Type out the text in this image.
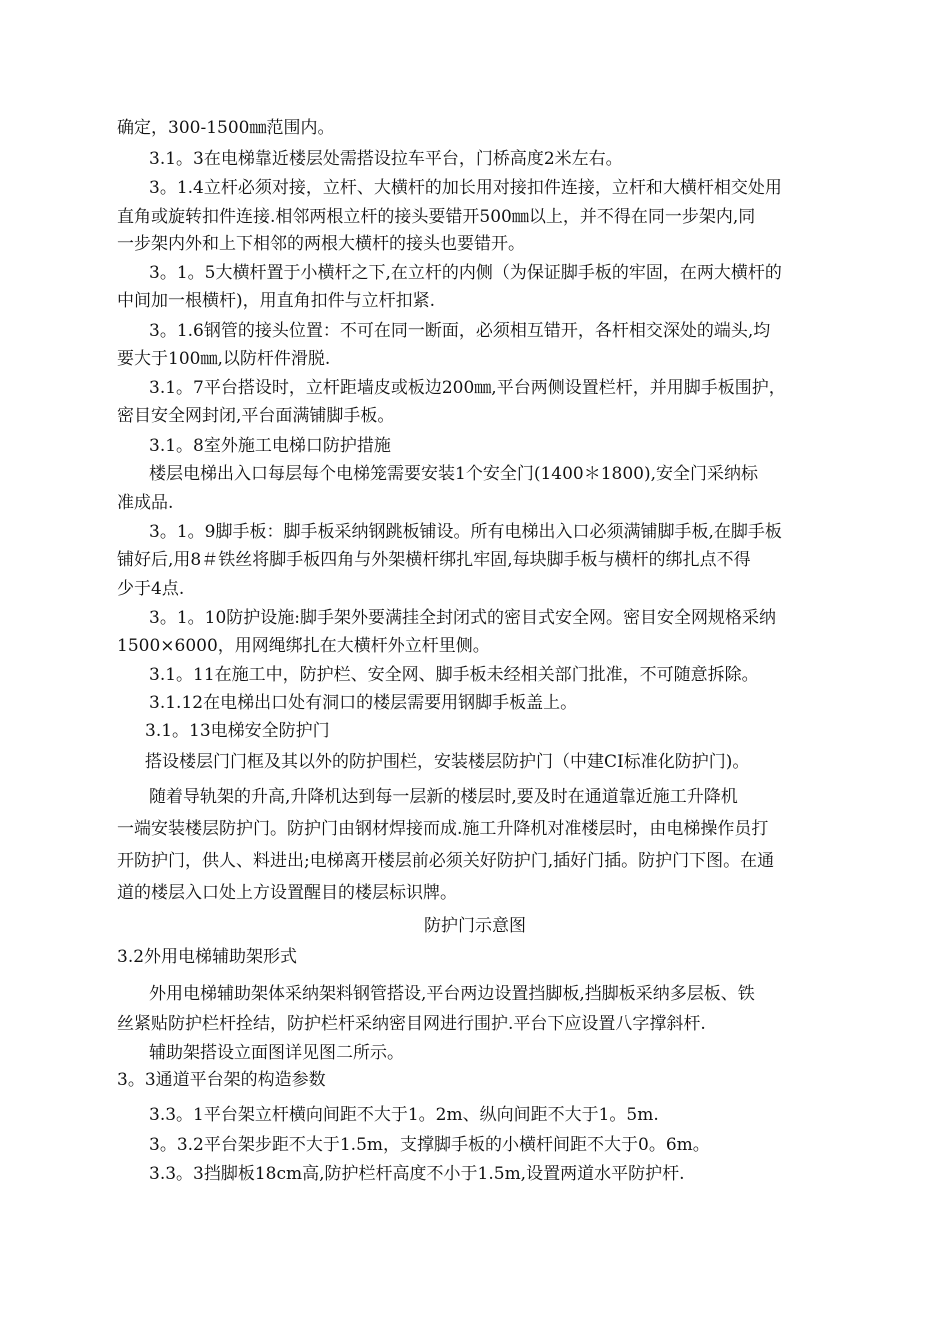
确定，300-1500㎜范围内。
3.1。3在电梯靠近楼层处需搭设拉车平台，门桥高度2米左右。
3。1.4立杆必须对接，立杆、大横杆的加长用对接扣件连接，立杆和大横杆相交处用
直角或旋转扣件连接.相邻两根立杆的接头要错开500㎜以上，并不得在同一步架内,同
一步架内外和上下相邻的两根大横杆的接头也要错开。
3。1。5大横杆置于小横杆之下,在立杆的内侧（为保证脚手板的牢固，在两大横杆的
中间加一根横杆)，用直角扣件与立杆扣紧.
3。1.6钢管的接头位置：不可在同一断面，必须相互错开，各杆相交深处的端头,均
要大于100㎜,以防杆件滑脱.
3.1。7平台搭设时，立杆距墙皮或板边200㎜,平台两侧设置栏杆，并用脚手板围护，
密目安全网封闭,平台面满铺脚手板。
3.1。8室外施工电梯口防护措施
楼层电梯出入口每层每个电梯笼需要安装1个安全门(1400＊1800),安全门采纳标
准成品.
3。1。9脚手板：脚手板采纳钢跳板铺设。所有电梯出入口必须满铺脚手板,在脚手板
铺好后,用8＃铁丝将脚手板四角与外架横杆绑扎牢固,每块脚手板与横杆的绑扎点不得
少于4点.
3。1。10防护设施:脚手架外要满挂全封闭式的密目式安全网。密目安全网规格采纳
1500×6000，用网绳绑扎在大横杆外立杆里侧。
3.1。11在施工中，防护栏、安全网、脚手板未经相关部门批准，不可随意拆除。
3.1.12在电梯出口处有洞口的楼层需要用钢脚手板盖上。
3.1。13电梯安全防护门
搭设楼层门门框及其以外的防护围栏，安装楼层防护门（中建CI标准化防护门)。
随着导轨架的升高,升降机达到每一层新的楼层时,要及时在通道靠近施工升降机
一端安装楼层防护门。防护门由钢材焊接而成.施工升降机对准楼层时，由电梯操作员打
开防护门，供人、料进出;电梯离开楼层前必须关好防护门,插好门插。防护门下图。在通
道的楼层入口处上方设置醒目的楼层标识牌。
防护门示意图
3.2外用电梯辅助架形式
外用电梯辅助架体采纳架料钢管搭设,平台两边设置挡脚板,挡脚板采纳多层板、铁
丝紧贴防护栏杆拴结，防护栏杆采纳密目网进行围护.平台下应设置八字撑斜杆.
辅助架搭设立面图详见图二所示。
3。3通道平台架的构造参数
3.3。1平台架立杆横向间距不大于1。2m、纵向间距不大于1。5m.
3。3.2平台架步距不大于1.5m，支撑脚手板的小横杆间距不大于0。6m。
3.3。3挡脚板18cm高,防护栏杆高度不小于1.5m,设置两道水平防护杆.
